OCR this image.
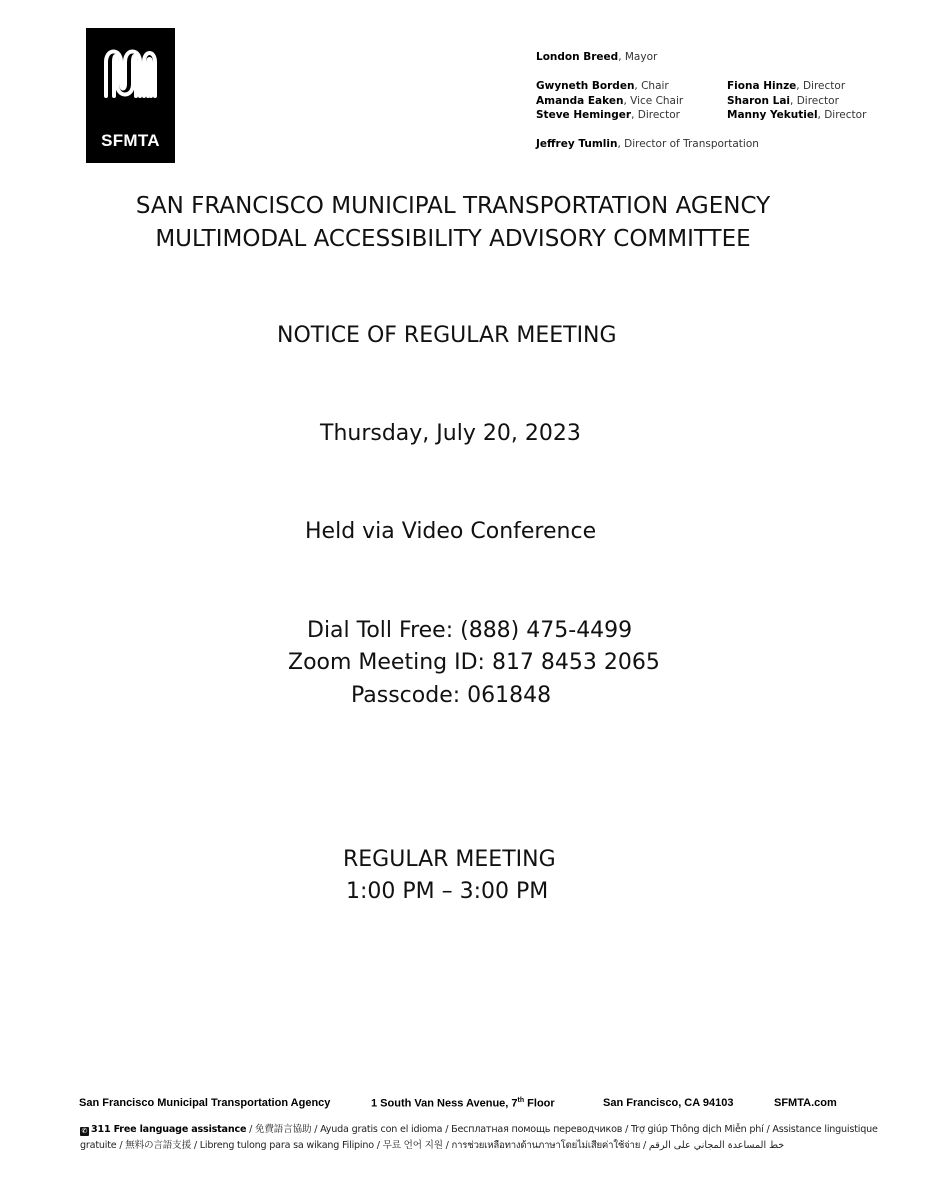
SFMTA
London Breed, Mayor
Gwyneth Borden, Chair
Amanda Eaken, Vice Chair
Steve Heminger, Director
Fiona Hinze, Director
Sharon Lai, Director
Manny Yekutiel, Director
Jeffrey Tumlin, Director of Transportation
SAN FRANCISCO MUNICIPAL TRANSPORTATION AGENCY
MULTIMODAL ACCESSIBILITY ADVISORY COMMITTEE
NOTICE OF REGULAR MEETING
Thursday, July 20, 2023
Held via Video Conference
Dial Toll Free: (888) 475-4499
Zoom Meeting ID: 817 8453 2065
Passcode: 061848
REGULAR MEETING
1:00 PM – 3:00 PM
San Francisco Municipal Transportation Agency	1 South Van Ness Avenue, 7th Floor	San Francisco, CA 94103	SFMTA.com
✆ 311 Free language assistance / 免費語言協助 / Ayuda gratis con el idioma / Бесплатная помощь переводчиков / Trợ giúp Thông dịch Miễn phí / Assistance linguistique
gratuite / 無料の言語支援 / Libreng tulong para sa wikang Filipino / 무료 언어 지원 / การช่วยเหลือทางด้านภาษาโดยไม่เสียค่าใช้จ่าย / خط المساعدة المجاني على الرقم
